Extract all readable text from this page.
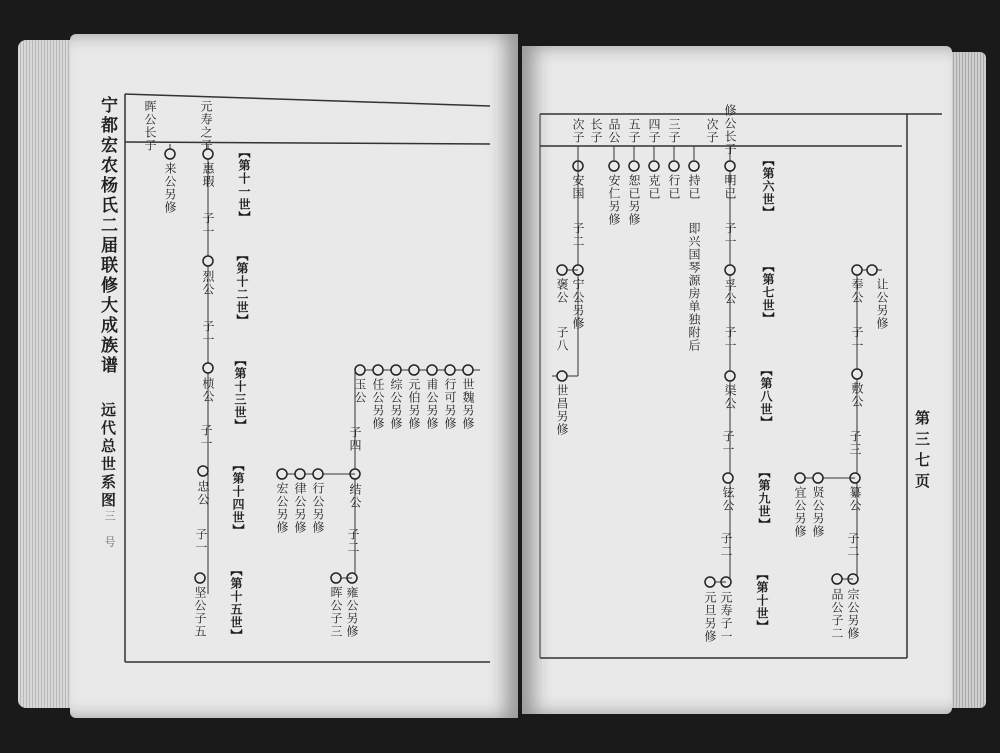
宁都宏农杨氏二届联修大成族谱
远代总世系图
三 号
元寿之子
晖公长子
【第十一世】
【第十二世】
【第十三世】
【第十四世】
【第十五世】
惠瑕
子一
烈公
子一
桢公
子一
忠公
子一
坚公子五
来公另修
世魏另修
行可另修
甫公另修
元伯另修
综公另修
任公另修
玉公
子四
结公
子二
雍公另修
行公另修
律公另修
宏公另修
晖公子三
修公长子
次子
三子
四子
五子
品公
长子
次子
持已
行已
克已
恕已另修
安仁另修
安国
即兴国琴源房单独附后
【第六世】
【第七世】
【第八世】
【第九世】
【第十世】
明已
子一
孚公
子一
渠公
子一
铉公
子二
元寿子一
元旦另修
子二
宁公另修
褒公
子八
世昌另修
让公另修
奉公
子一
敷公
子三
纂公
子二
宗公另修
贤公另修
宜公另修
品公子二
第三七页
